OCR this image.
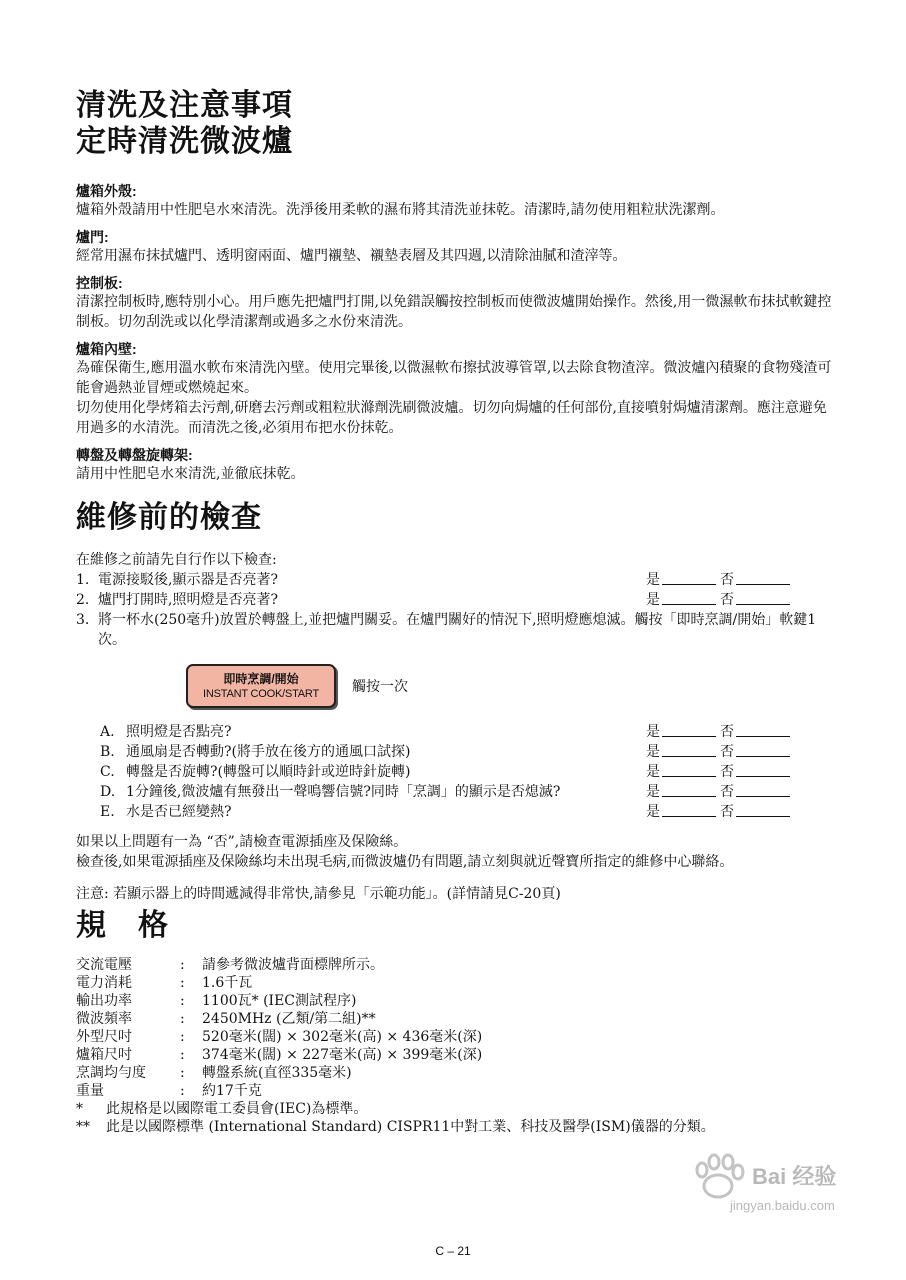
清洗及注意事項
定時清洗微波爐
爐箱外殼:
爐箱外殼請用中性肥皂水來清洗。洗淨後用柔軟的濕布將其清洗並抹乾。清潔時,請勿使用粗粒狀洗潔劑。
爐門:
經常用濕布抹拭爐門、透明窗兩面、爐門襯墊、襯墊表層及其四週,以清除油膩和渣滓等。
控制板:
清潔控制板時,應特別小心。用戶應先把爐門打開,以免錯誤觸按控制板而使微波爐開始操作。然後,用一微濕軟布抹拭軟鍵控制板。切勿刮洗或以化學清潔劑或過多之水份來清洗。
爐箱內壁:
為確保衛生,應用溫水軟布來清洗內壁。使用完畢後,以微濕軟布擦拭波導管罩,以去除食物渣滓。微波爐內積聚的食物殘渣可能會過熱並冒煙或燃燒起來。
切勿使用化學烤箱去污劑,研磨去污劑或粗粒狀滌劑洗刷微波爐。切勿向焗爐的任何部份,直接噴射焗爐清潔劑。應注意避免用過多的水清洗。而清洗之後,必須用布把水份抹乾。
轉盤及轉盤旋轉架:
請用中性肥皂水來清洗,並徹底抹乾。
維修前的檢查
在維修之前請先自行作以下檢查:
1. 電源接駁後,顯示器是否亮著?	是	否
2. 爐門打開時,照明燈是否亮著?	是	否
3. 將一杯水(250毫升)放置於轉盤上,並把爐門關妥。在爐門關好的情況下,照明燈應熄滅。觸按「即時烹調/開始」軟鍵1次。
即時烹調/開始
INSTANT COOK/START 觸按一次
A. 照明燈是否點亮?	是	否
B. 通風扇是否轉動?(將手放在後方的通風口試探)	是	否
C. 轉盤是否旋轉?(轉盤可以順時針或逆時針旋轉)	是	否
D. 1分鐘後,微波爐有無發出一聲鳴響信號?同時「烹調」的顯示是否熄滅?	是	否
E. 水是否已經變熱?	是	否
如果以上問題有一為 “否”,請檢查電源插座及保險絲。
檢查後,如果電源插座及保險絲均未出現毛病,而微波爐仍有問題,請立刻與就近聲寶所指定的維修中心聯絡。
注意: 若顯示器上的時間遞減得非常快,請參見「示範功能」。(詳情請見C-20頁)
規　格
交流電壓	:	請參考微波爐背面標牌所示。
電力消耗	:	1.6千瓦
輸出功率	:	1100瓦* (IEC測試程序)
微波頻率	:	2450MHz (乙類/第二組)**
外型尺吋	:	520毫米(闊) × 302毫米(高) × 436毫米(深)
爐箱尺吋	:	374毫米(闊) × 227毫米(高) × 399毫米(深)
烹調均勻度	:	轉盤系統(直徑335毫米)
重量	:	約17千克
*	此規格是以國際電工委員會(IEC)為標準。
**	此是以國際標準 (International Standard) CISPR11中對工業、科技及醫學(ISM)儀器的分類。
Bai 经验
jingyan.baidu.com
C – 21
